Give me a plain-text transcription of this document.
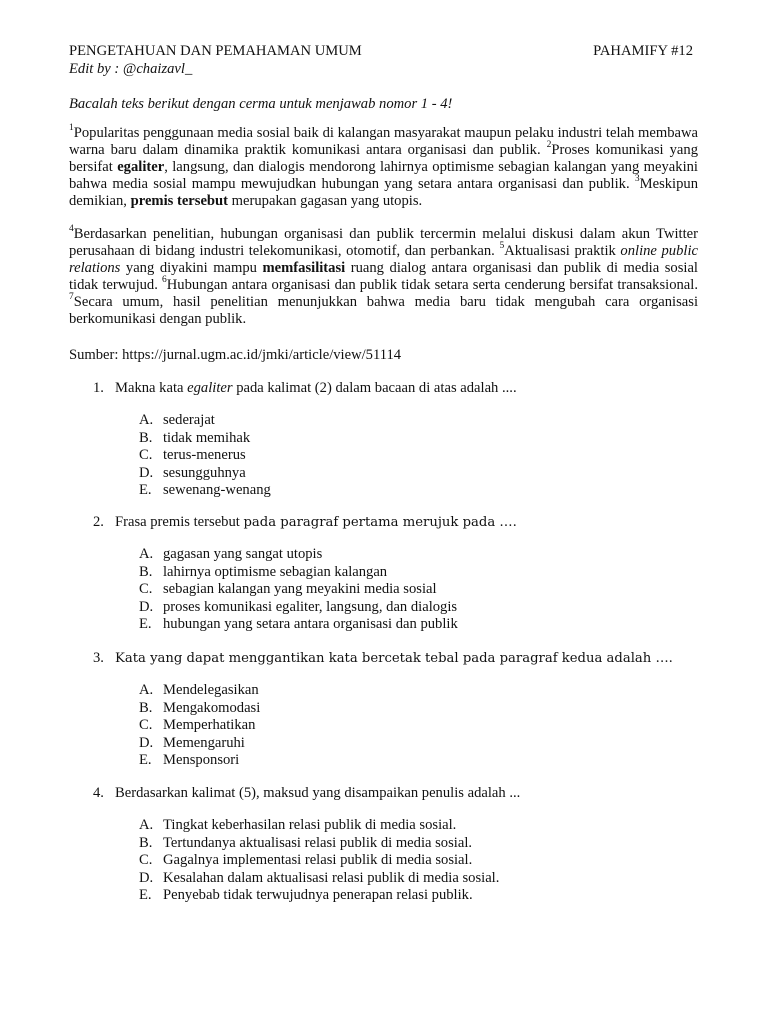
PENGETAHUAN DAN PEMAHAMAN UMUM	PAHAMIFY #12
Edit by : @chaizavl_
Bacalah teks berikut dengan cerma untuk menjawab nomor 1 - 4!
$^1$Popularitas penggunaan media sosial baik di kalangan masyarakat maupun pelaku industri telah membawa warna baru dalam dinamika praktik komunikasi antara organisasi dan publik. $^2$Proses komunikasi yang bersifat egaliter, langsung, dan dialogis mendorong lahirnya optimisme sebagian kalangan yang meyakini bahwa media sosial mampu mewujudkan hubungan yang setara antara organisasi dan publik. $^3$Meskipun demikian, premis tersebut merupakan gagasan yang utopis.
$^4$Berdasarkan penelitian, hubungan organisasi dan publik tercermin melalui diskusi dalam akun Twitter perusahaan di bidang industri telekomunikasi, otomotif, dan perbankan. $^5$Aktualisasi praktik online public relations yang diyakini mampu memfasilitasi ruang dialog antara organisasi dan publik di media sosial tidak terwujud. $^6$Hubungan antara organisasi dan publik tidak setara serta cenderung bersifat transaksional. $^7$Secara umum, hasil penelitian menunjukkan bahwa media baru tidak mengubah cara organisasi berkomunikasi dengan publik.
Sumber: https://jurnal.ugm.ac.id/jmki/article/view/51114
1. Makna kata egaliter pada kalimat (2) dalam bacaan di atas adalah ....
A. sederajat
B. tidak memihak
C. terus-menerus
D. sesungguhnya
E. sewenang-wenang
2. Frasa premis tersebut pada paragraf pertama merujuk pada ….
A. gagasan yang sangat utopis
B. lahirnya optimisme sebagian kalangan
C. sebagian kalangan yang meyakini media sosial
D. proses komunikasi egaliter, langsung, dan dialogis
E. hubungan yang setara antara organisasi dan publik
3. Kata yang dapat menggantikan kata bercetak tebal pada paragraf kedua adalah ….
A. Mendelegasikan
B. Mengakomodasi
C. Memperhatikan
D. Memengaruhi
E. Mensponsori
4. Berdasarkan kalimat (5), maksud yang disampaikan penulis adalah ...
A. Tingkat keberhasilan relasi publik di media sosial.
B. Tertundanya aktualisasi relasi publik di media sosial.
C. Gagalnya implementasi relasi publik di media sosial.
D. Kesalahan dalam aktualisasi relasi publik di media sosial.
E. Penyebab tidak terwujudnya penerapan relasi publik.
